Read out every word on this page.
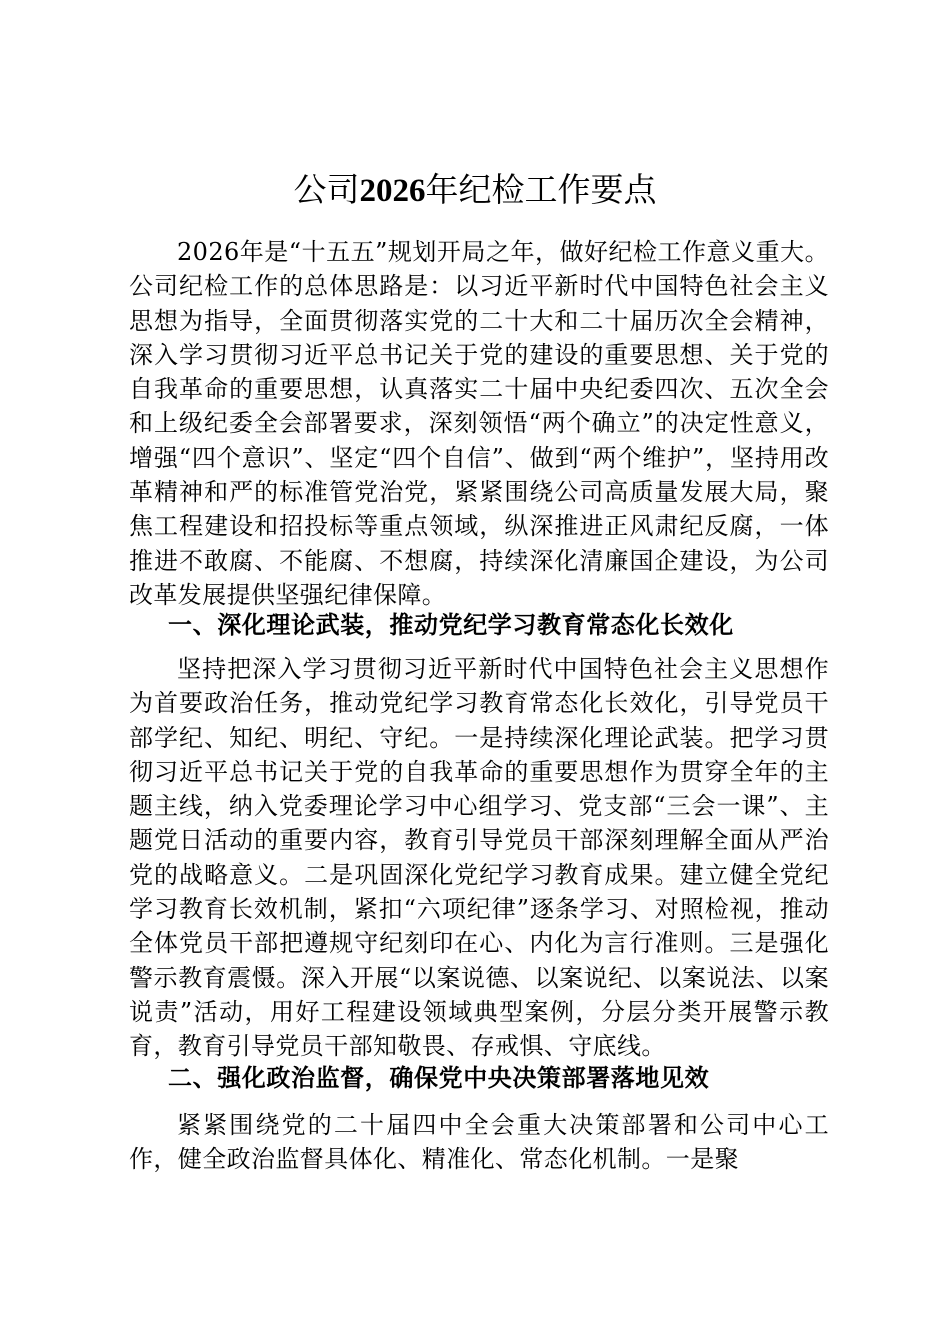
公司2026年纪检工作要点

2026年是“十五五”规划开局之年，做好纪检工作意义重大。公司纪检工作的总体思路是：以习近平新时代中国特色社会主义思想为指导，全面贯彻落实党的二十大和二十届历次全会精神，深入学习贯彻习近平总书记关于党的建设的重要思想、关于党的自我革命的重要思想，认真落实二十届中央纪委四次、五次全会和上级纪委全会部署要求，深刻领悟“两个确立”的决定性意义，增强“四个意识”、坚定“四个自信”、做到“两个维护”，坚持用改革精神和严的标准管党治党，紧紧围绕公司高质量发展大局，聚焦工程建设和招投标等重点领域，纵深推进正风肃纪反腐，一体推进不敢腐、不能腐、不想腐，持续深化清廉国企建设，为公司改革发展提供坚强纪律保障。

一、深化理论武装，推动党纪学习教育常态化长效化

坚持把深入学习贯彻习近平新时代中国特色社会主义思想作为首要政治任务，推动党纪学习教育常态化长效化，引导党员干部学纪、知纪、明纪、守纪。一是持续深化理论武装。把学习贯彻习近平总书记关于党的自我革命的重要思想作为贯穿全年的主题主线，纳入党委理论学习中心组学习、党支部“三会一课”、主题党日活动的重要内容，教育引导党员干部深刻理解全面从严治党的战略意义。二是巩固深化党纪学习教育成果。建立健全党纪学习教育长效机制，紧扣“六项纪律”逐条学习、对照检视，推动全体党员干部把遵规守纪刻印在心、内化为言行准则。三是强化警示教育震慑。深入开展“以案说德、以案说纪、以案说法、以案说责”活动，用好工程建设领域典型案例，分层分类开展警示教育，教育引导党员干部知敬畏、存戒惧、守底线。

二、强化政治监督，确保党中央决策部署落地见效

紧紧围绕党的二十届四中全会重大决策部署和公司中心工作，健全政治监督具体化、精准化、常态化机制。一是聚
